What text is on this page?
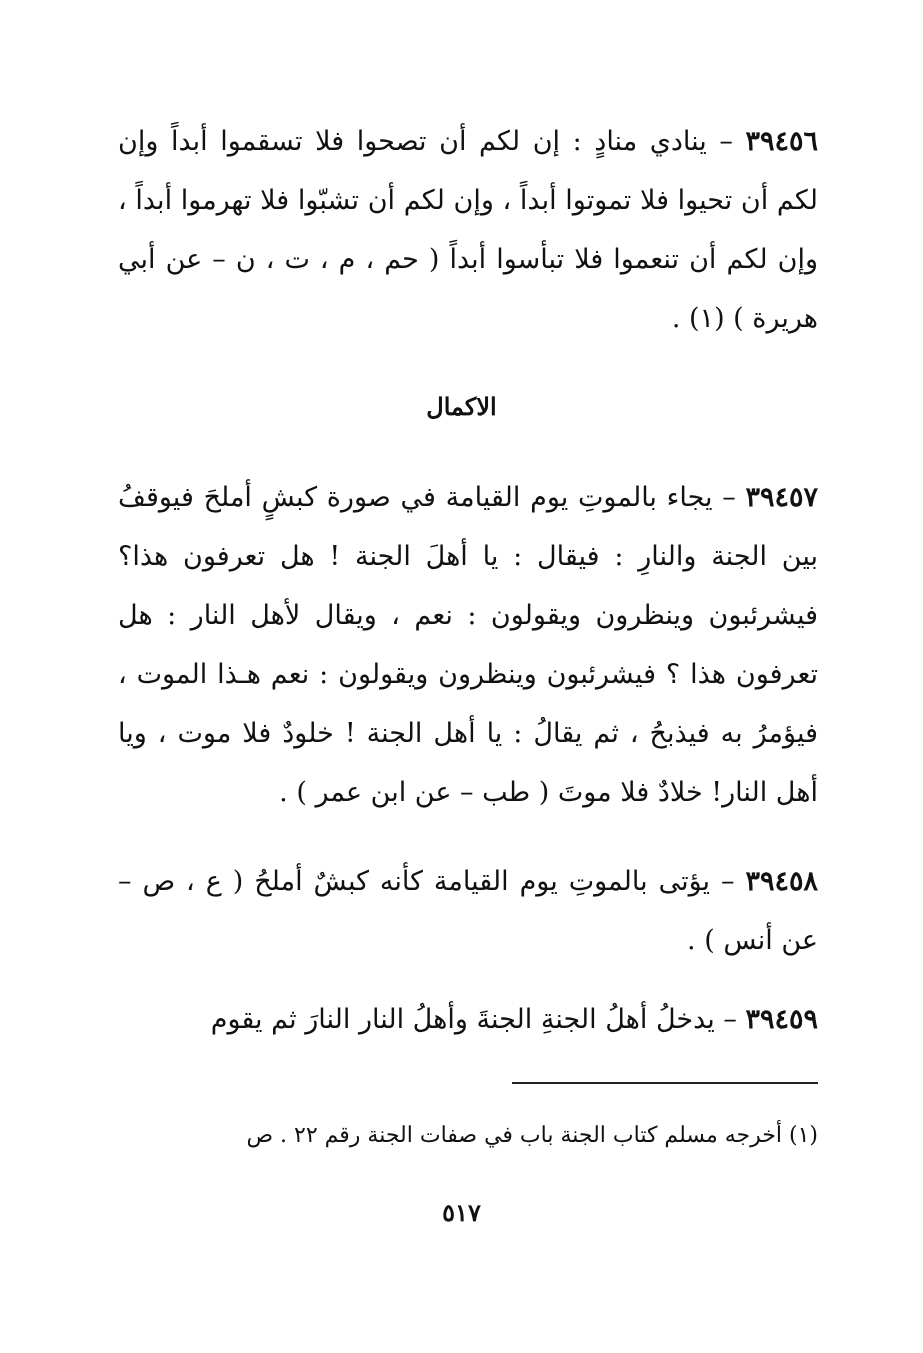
٣٩٤٥٦ – ينادي منادٍ : إن لكم أن تصحوا فلا تسقموا أبداً وإن لكم أن تحيوا فلا تموتوا أبداً ، وإن لكم أن تشبّوا فلا تهرموا أبداً ، وإن لكم أن تنعموا فلا تبأسوا أبداً ( حم ، م ، ت ، ن – عن أبي هريرة ) (١) .

الاكمال

٣٩٤٥٧ – يجاء بالموتِ يوم القيامة في صورة كبشٍ أملحَ فيوقفُ بين الجنة والنارِ : فيقال : يا أهلَ الجنة ! هل تعرفون هذا؟ فيشرئبون وينظرون ويقولون : نعم ، ويقال لأهل النار : هل تعرفون هذا ؟ فيشرئبون وينظرون ويقولون : نعم هـذا الموت ، فيؤمرُ به فيذبحُ ، ثم يقالُ : يا أهل الجنة ! خلودٌ فلا موت ، ويا أهل النار! خلادٌ فلا موتَ ( طب – عن ابن عمر ) .

٣٩٤٥٨ – يؤتى بالموتِ يوم القيامة كأنه كبشٌ أملحُ ( ع ، ص – عن أنس ) .

٣٩٤٥٩ – يدخلُ أهلُ الجنةِ الجنةَ وأهلُ النار النارَ ثم يقوم

(١) أخرجه مسلم كتاب الجنة باب في صفات الجنة رقم ٢٢ . ص
٥١٧
